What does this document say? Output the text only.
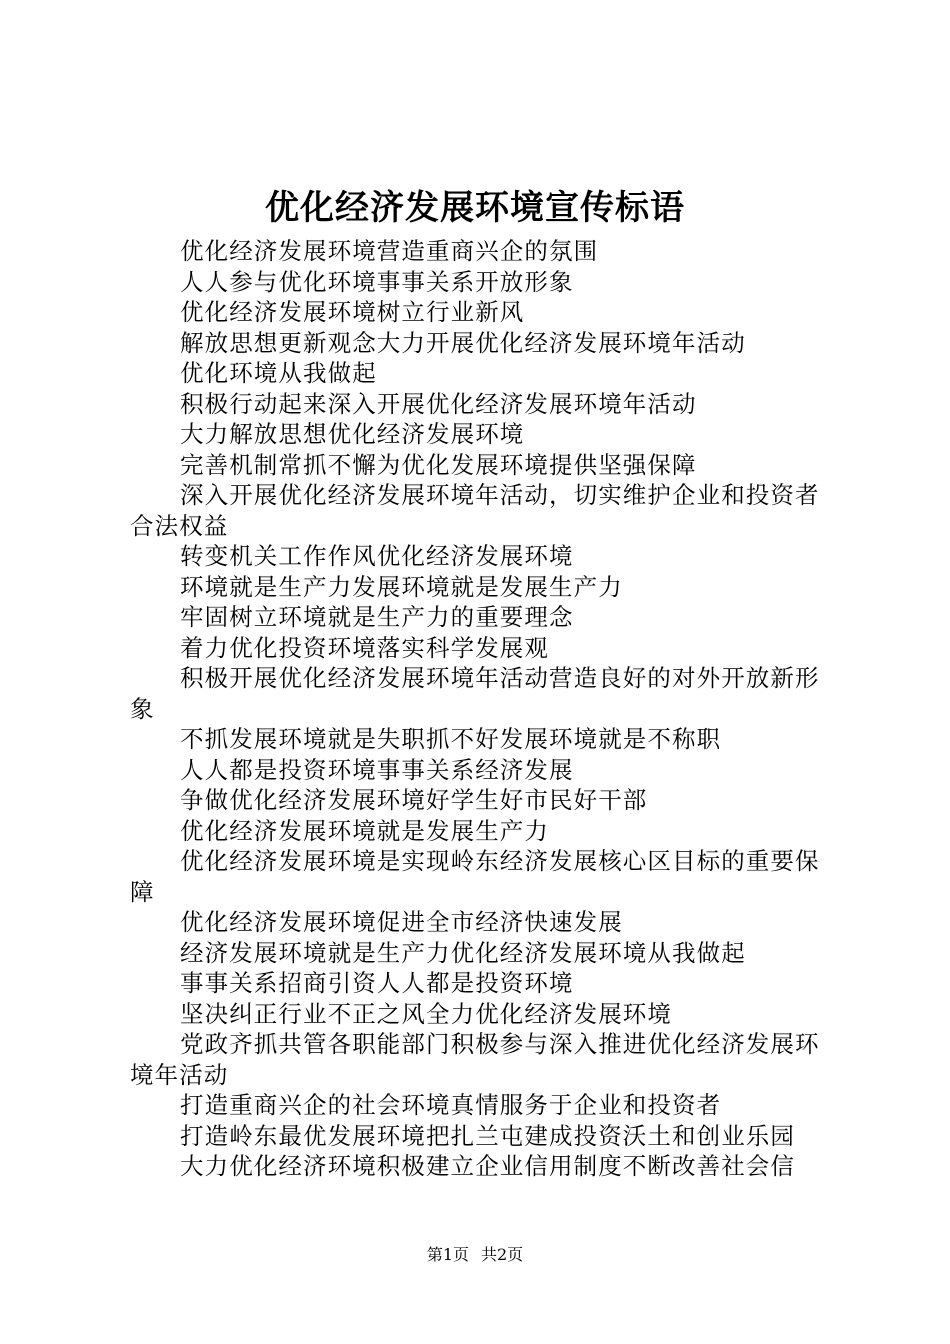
优化经济发展环境宣传标语
优化经济发展环境营造重商兴企的氛围
人人参与优化环境事事关系开放形象
优化经济发展环境树立行业新风
解放思想更新观念大力开展优化经济发展环境年活动
优化环境从我做起
积极行动起来深入开展优化经济发展环境年活动
大力解放思想优化经济发展环境
完善机制常抓不懈为优化发展环境提供坚强保障
深入开展优化经济发展环境年活动，切实维护企业和投资者合法权益
转变机关工作作风优化经济发展环境
环境就是生产力发展环境就是发展生产力
牢固树立环境就是生产力的重要理念
着力优化投资环境落实科学发展观
积极开展优化经济发展环境年活动营造良好的对外开放新形象
不抓发展环境就是失职抓不好发展环境就是不称职
人人都是投资环境事事关系经济发展
争做优化经济发展环境好学生好市民好干部
优化经济发展环境就是发展生产力
优化经济发展环境是实现岭东经济发展核心区目标的重要保障
优化经济发展环境促进全市经济快速发展
经济发展环境就是生产力优化经济发展环境从我做起
事事关系招商引资人人都是投资环境
坚决纠正行业不正之风全力优化经济发展环境
党政齐抓共管各职能部门积极参与深入推进优化经济发展环境年活动
打造重商兴企的社会环境真情服务于企业和投资者
打造岭东最优发展环境把扎兰屯建成投资沃土和创业乐园
大力优化经济环境积极建立企业信用制度不断改善社会信
第1页 共2页
